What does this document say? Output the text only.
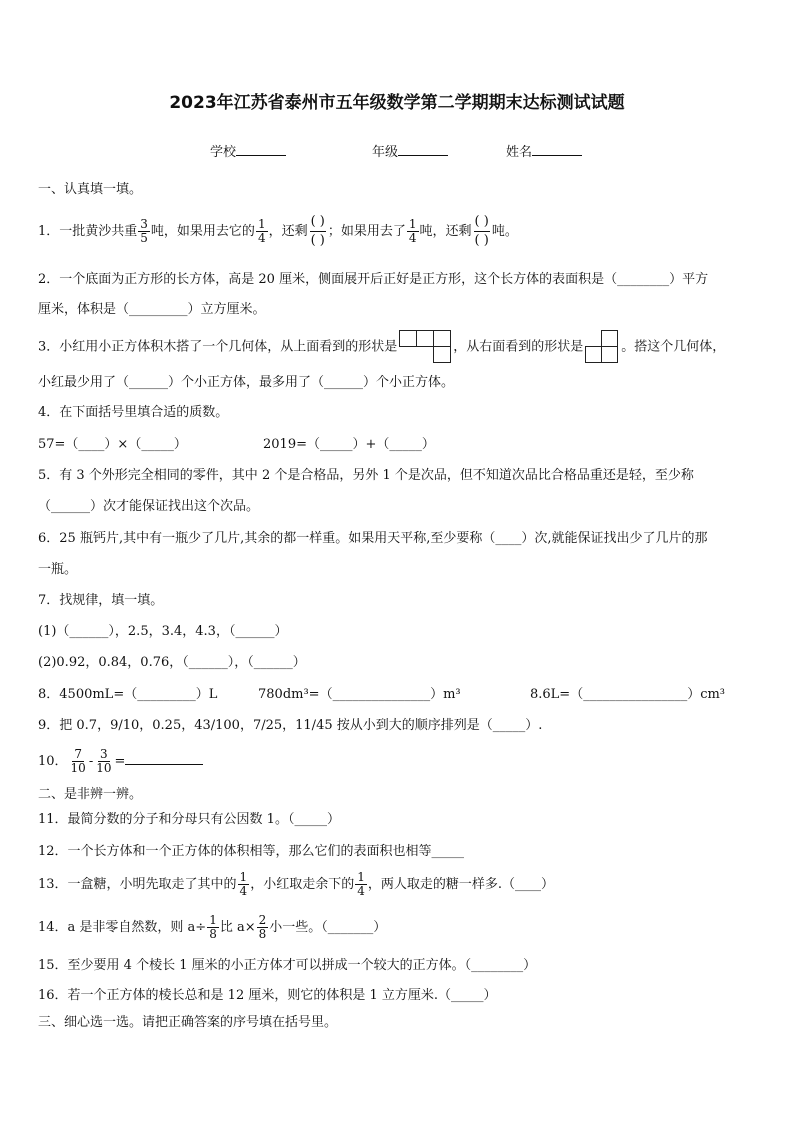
2023年江苏省泰州市五年级数学第二学期期末达标测试试题
学校	年级	姓名
一、认真填一填。
1．一批黄沙共重 $\frac{3}{5}$ 吨，如果用去它的 $\frac{1}{4}$ ，还剩 $\frac{( )}{( )}$ ；如果用去了 $\frac{1}{4}$ 吨，还剩 $\frac{( )}{( )}$ 吨。
2．一个底面为正方形的长方体，高是 20 厘米，侧面展开后正好是正方形，这个长方体的表面积是（________）平方
厘米，体积是（_________）立方厘米。
3．小红用小正方体积木搭了一个几何体，从上面看到的形状是	，从右面看到的形状是	。搭这个几何体，
小红最少用了（______）个小正方体，最多用了（______）个小正方体。
4．在下面括号里填合适的质数。
57=（____）×（_____）	2019=（_____）+（_____）
5．有 3 个外形完全相同的零件，其中 2 个是合格品，另外 1 个是次品，但不知道次品比合格品重还是轻，至少称
（______）次才能保证找出这个次品。
6．25 瓶钙片,其中有一瓶少了几片,其余的都一样重。如果用天平称,至少要称（____）次,就能保证找出少了几片的那
一瓶。
7．找规律，填一填。
(1)（______），2.5，3.4，4.3，（______）
(2)0.92，0.84，0.76，（______），（______）
8．4500mL=（_________）L	780dm³=（_______________）m³	8.6L=（________________）cm³
9．把 0.7，9/10，0.25，43/100，7/25，11/45 按从小到大的顺序排列是（_____）.
10． $\frac{7}{10} - \frac{3}{10}$ =
二、是非辨一辨。
11．最简分数的分子和分母只有公因数 1。（_____）
12．一个长方体和一个正方体的体积相等，那么它们的表面积也相等_____
13．一盒糖，小明先取走了其中的 $\frac{1}{4}$ ，小红取走余下的 $\frac{1}{4}$ ，两人取走的糖一样多.（____）
14．a 是非零自然数，则 $a\div \frac{1}{8}$ 比 $a\times \frac{2}{8}$ 小一些。（_______）
15．至少要用 4 个棱长 1 厘米的小正方体才可以拼成一个较大的正方体。（________）
16．若一个正方体的棱长总和是 12 厘米，则它的体积是 1 立方厘米.（_____）
三、细心选一选。请把正确答案的序号填在括号里。
